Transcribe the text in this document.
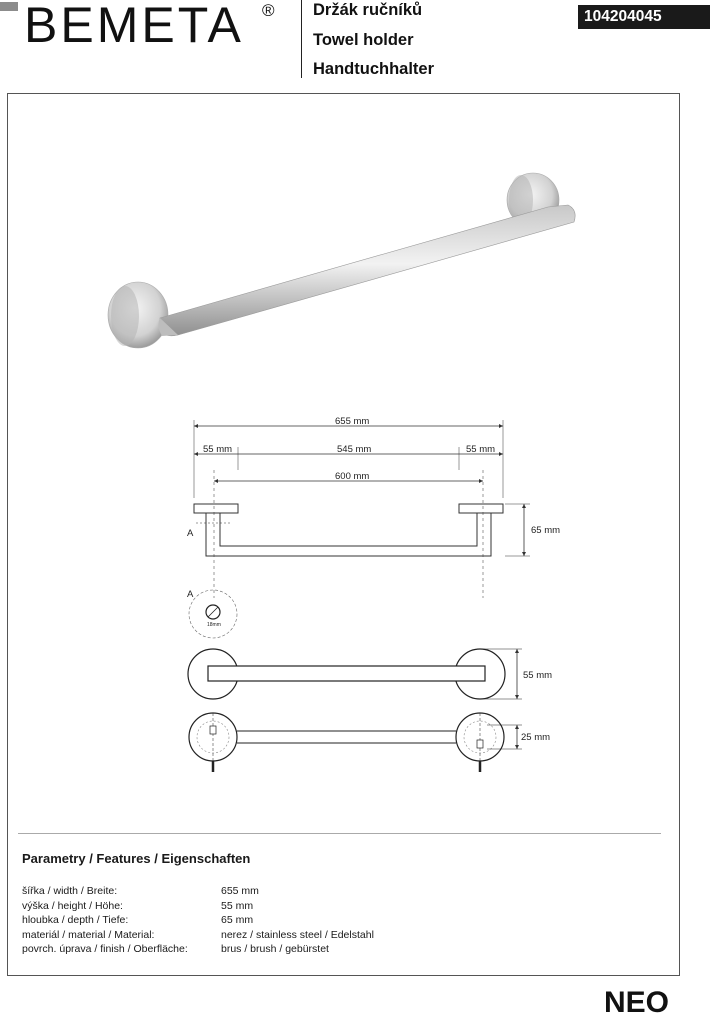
BEMETA ® Držák ručníků
Towel holder
Handtuchhalter
104204045
655 mm
55 mm	545 mm	55 mm
600 mm
65 mm
A
A
18mm
55 mm
25 mm
Parametry / Features / Eigenschaften
šířka / width / Breite:	655 mm
výška / height / Höhe:	55 mm
hloubka / depth / Tiefe:	65 mm
materiál / material / Material:	nerez / stainless steel / Edelstahl
povrch. úprava / finish / Oberfläche:	brus / brush / gebürstet
NEO
